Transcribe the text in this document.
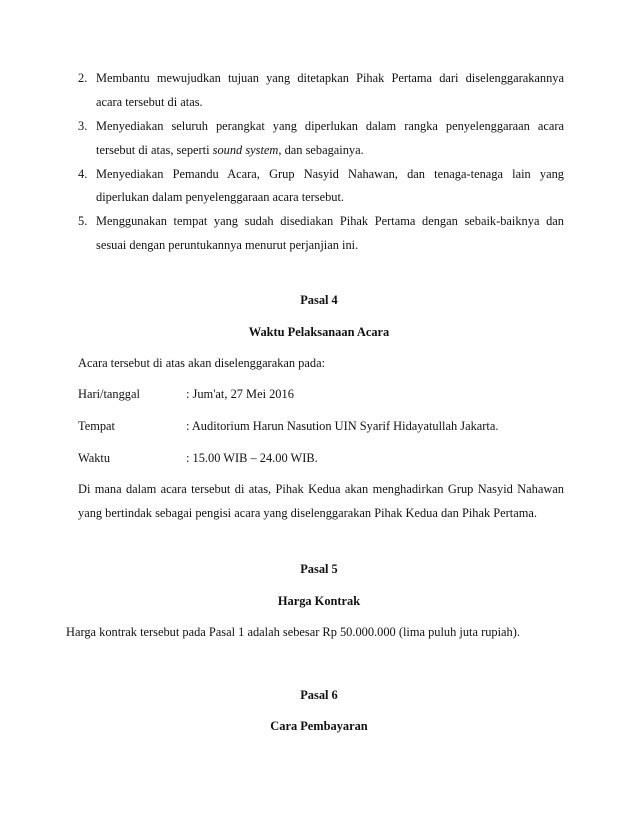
2. Membantu mewujudkan tujuan yang ditetapkan Pihak Pertama dari diselenggarakannya
acara tersebut di atas.
3. Menyediakan seluruh perangkat yang diperlukan dalam rangka penyelenggaraan acara
tersebut di atas, seperti sound system, dan sebagainya.
4. Menyediakan Pemandu Acara, Grup Nasyid Nahawan, dan tenaga-tenaga lain yang
diperlukan dalam penyelenggaraan acara tersebut.
5. Menggunakan tempat yang sudah disediakan Pihak Pertama dengan sebaik-baiknya dan
sesuai dengan peruntukannya menurut perjanjian ini.
Pasal 4
Waktu Pelaksanaan Acara
Acara tersebut di atas akan diselenggarakan pada:
Hari/tanggal	: Jum'at, 27 Mei 2016
Tempat	: Auditorium Harun Nasution UIN Syarif Hidayatullah Jakarta.
Waktu	: 15.00 WIB – 24.00 WIB.
Di mana dalam acara tersebut di atas, Pihak Kedua akan menghadirkan Grup Nasyid Nahawan
yang bertindak sebagai pengisi acara yang diselenggarakan Pihak Kedua dan Pihak Pertama.
Pasal 5
Harga Kontrak
Harga kontrak tersebut pada Pasal 1 adalah sebesar Rp 50.000.000 (lima puluh juta rupiah).
Pasal 6
Cara Pembayaran
